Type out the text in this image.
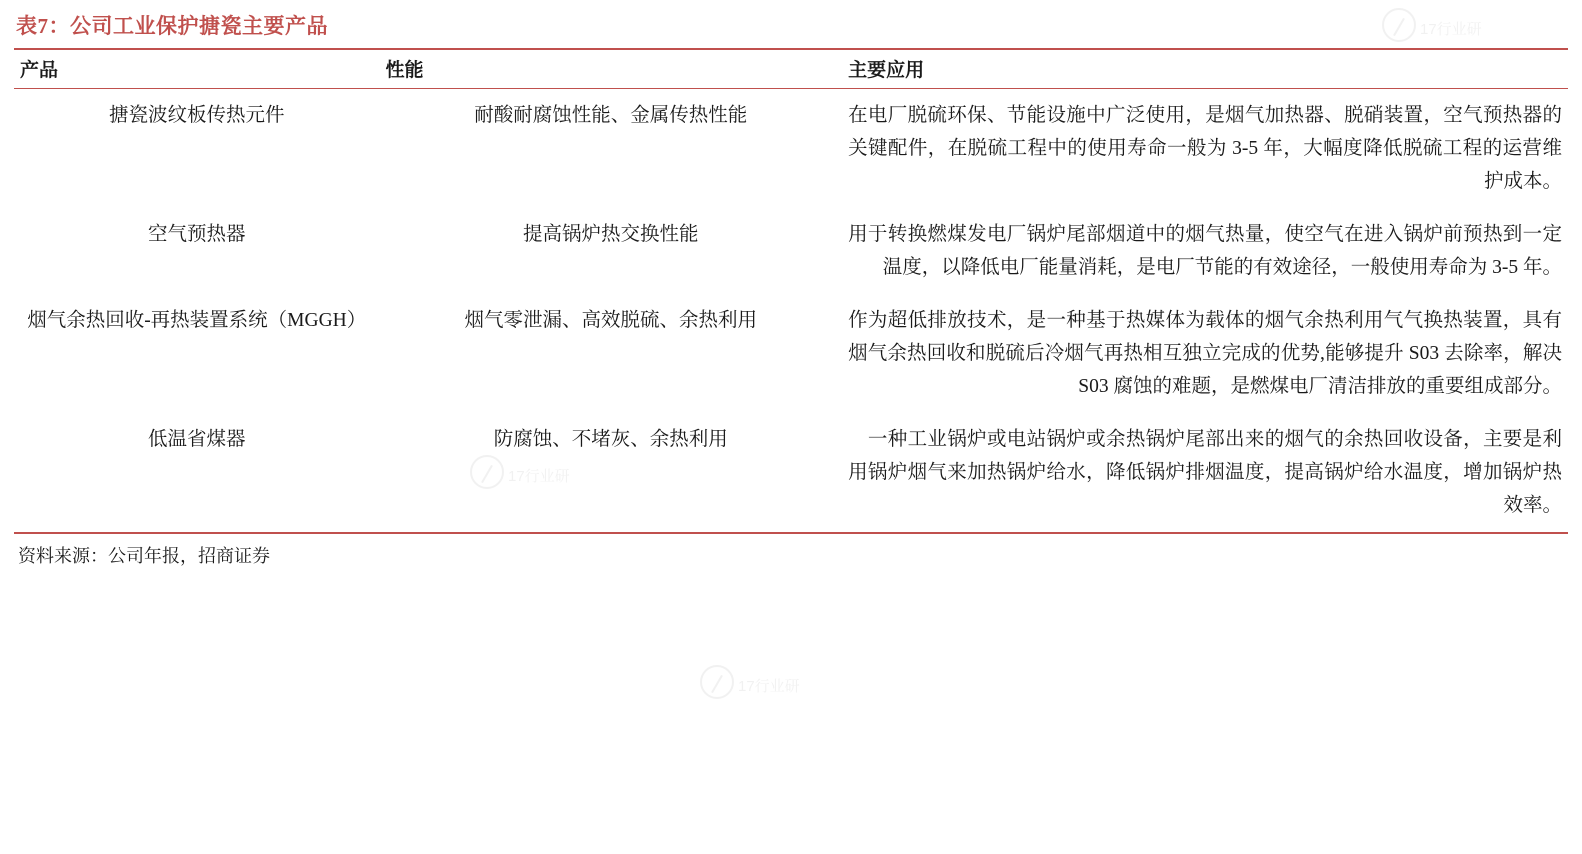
17行业研
17行业研
17行业研
表7：公司工业保护搪瓷主要产品
产品	性能	主要应用
搪瓷波纹板传热元件	耐酸耐腐蚀性能、金属传热性能	在电厂脱硫环保、节能设施中广泛使用，是烟气加热器、脱硝装置，空气预热器的关键配件，在脱硫工程中的使用寿命一般为 3-5 年，大幅度降低脱硫工程的运营维护成本。
空气预热器	提高锅炉热交换性能	用于转换燃煤发电厂锅炉尾部烟道中的烟气热量，使空气在进入锅炉前预热到一定温度，以降低电厂能量消耗，是电厂节能的有效途径，一般使用寿命为 3-5 年。
烟气余热回收-再热装置系统（MGGH）	烟气零泄漏、高效脱硫、余热利用	作为超低排放技术，是一种基于热媒体为载体的烟气余热利用气气换热装置，具有烟气余热回收和脱硫后冷烟气再热相互独立完成的优势,能够提升 S03 去除率，解决 S03 腐蚀的难题，是燃煤电厂清洁排放的重要组成部分。
低温省煤器	防腐蚀、不堵灰、余热利用	　一种工业锅炉或电站锅炉或余热锅炉尾部出来的烟气的余热回收设备，主要是利用锅炉烟气来加热锅炉给水，降低锅炉排烟温度，提高锅炉给水温度，增加锅炉热效率。
资料来源：公司年报，招商证券
